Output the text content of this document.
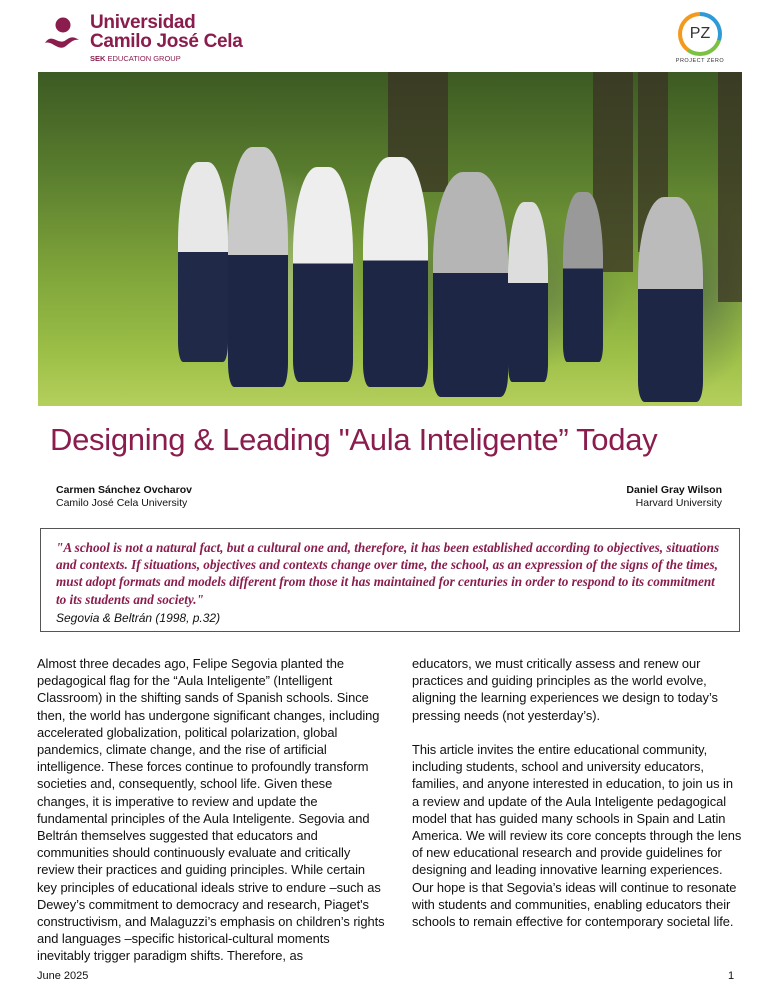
Universidad
Camilo José Cela
SEK EDUCATION GROUP
PZ
PROJECT ZERO
Designing & Leading "Aula Inteligente” Today
Carmen Sánchez Ovcharov
Camilo José Cela University
Daniel Gray Wilson
Harvard University
"A school is not a natural fact, but a cultural one and, therefore, it has been established according to objectives, situations and contexts. If situations, objectives and contexts change over time, the school, as an expression of the signs of the times, must adopt formats and models different from those it has maintained for centuries in order to respond to its commitment to its students and society."
Segovia & Beltrán (1998, p.32)

Almost three decades ago, Felipe Segovia planted the pedagogical flag for the “Aula Inteligente” (Intelligent Classroom) in the shifting sands of Spanish schools. Since then, the world has undergone significant changes, including accelerated globalization, political polarization, global pandemics, climate change, and the rise of artificial intelligence. These forces continue to profoundly transform societies and, consequently, school life. Given these changes, it is imperative to review and update the fundamental principles of the Aula Inteligente. Segovia and Beltrán themselves suggested that educators and communities should continuously evaluate and critically review their practices and guiding principles. While certain key principles of educational ideals strive to endure –such as Dewey’s commitment to democracy and research, Piaget's constructivism, and Malaguzzi’s emphasis on children’s rights and languages –specific historical-cultural moments inevitably trigger paradigm shifts. Therefore, as

educators, we must critically assess and renew our practices and guiding principles as the world evolve, aligning the learning experiences we design to today’s pressing needs (not yesterday’s).

This article invites the entire educational community, including students, school and university educators, families, and anyone interested in education, to join us in a review and update of the Aula Inteligente pedagogical model that has guided many schools in Spain and Latin America. We will review its core concepts through the lens of new educational research and provide guidelines for designing and leading innovative learning experiences. Our hope is that Segovia’s ideas will continue to resonate with students and communities, enabling educators their schools to remain effective for contemporary societal life.

June 2025	1
